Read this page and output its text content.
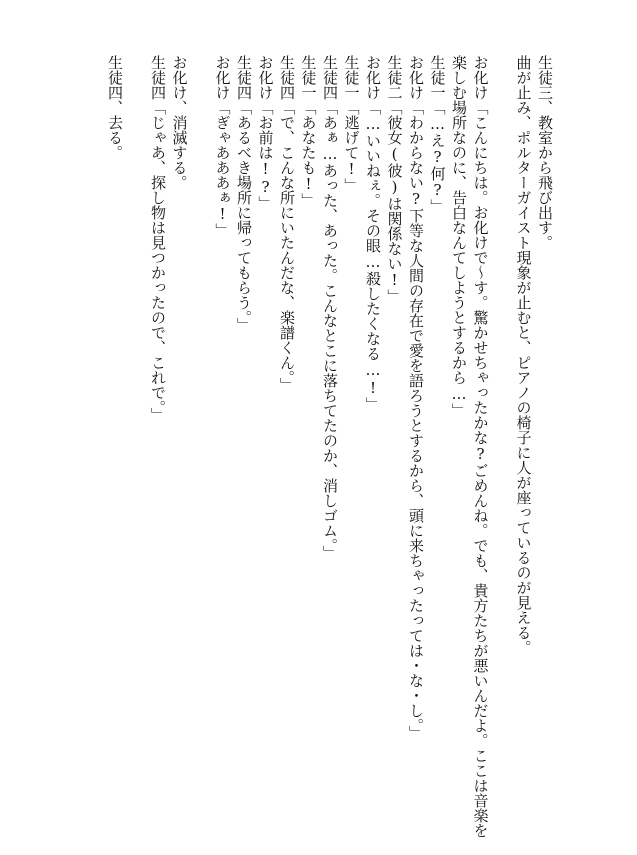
生徒三、教室から飛び出す。
曲が止み、ポルターガイスト現象が止むと、ピアノの椅子に人が座っているのが見える。
お化け「こんにちは。お化けで〜す。驚かせちゃったかな?ごめんね。でも、貴方たちが悪いんだよ。ここは音楽を
楽しむ場所なのに、告白なんてしようとするから…」
生徒一「…え?何?」
お化け「わからない?下等な人間の存在で愛を語ろうとするから、頭に来ちゃったっては・な・し。」
生徒二「彼女(彼)は関係ない!」
お化け「…いいねぇ。その眼…殺したくなる…!」
生徒一「逃げて!」
生徒四「あぁ…あった、あった。こんなとこに落ちてたのか、消しゴム。」
生徒一「あなたも!」
生徒四「で、こんな所にいたんだな、楽譜くん。」
お化け「お前は!?」
生徒四「あるべき場所に帰ってもらう。」
お化け「ぎゃあああぁ!」
お化け、消滅する。
生徒四「じゃあ、探し物は見つかったので、これで。」
生徒四、去る。
